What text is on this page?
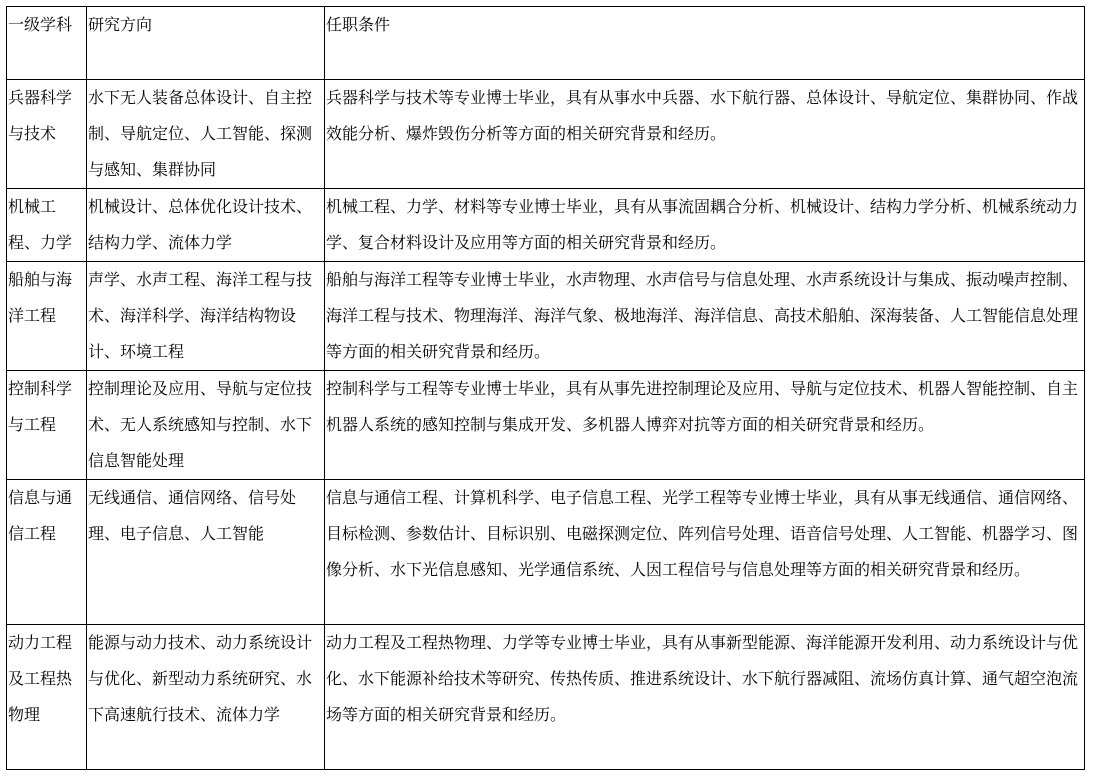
一级学科	研究方向	任职条件
兵器科学与技术	水下无人装备总体设计、自主控制、导航定位、人工智能、探测与感知、集群协同	兵器科学与技术等专业博士毕业，具有从事水中兵器、水下航行器、总体设计、导航定位、集群协同、作战效能分析、爆炸毁伤分析等方面的相关研究背景和经历。
机械工程、力学	机械设计、总体优化设计技术、结构力学、流体力学	机械工程、力学、材料等专业博士毕业，具有从事流固耦合分析、机械设计、结构力学分析、机械系统动力学、复合材料设计及应用等方面的相关研究背景和经历。
船舶与海洋工程	声学、水声工程、海洋工程与技术、海洋科学、海洋结构物设计、环境工程	船舶与海洋工程等专业博士毕业，水声物理、水声信号与信息处理、水声系统设计与集成、振动噪声控制、海洋工程与技术、物理海洋、海洋气象、极地海洋、海洋信息、高技术船舶、深海装备、人工智能信息处理等方面的相关研究背景和经历。
控制科学与工程	控制理论及应用、导航与定位技术、无人系统感知与控制、水下信息智能处理	控制科学与工程等专业博士毕业，具有从事先进控制理论及应用、导航与定位技术、机器人智能控制、自主机器人系统的感知控制与集成开发、多机器人博弈对抗等方面的相关研究背景和经历。
信息与通信工程	无线通信、通信网络、信号处理、电子信息、人工智能	信息与通信工程、计算机科学、电子信息工程、光学工程等专业博士毕业，具有从事无线通信、通信网络、目标检测、参数估计、目标识别、电磁探测定位、阵列信号处理、语音信号处理、人工智能、机器学习、图像分析、水下光信息感知、光学通信系统、人因工程信号与信息处理等方面的相关研究背景和经历。
动力工程及工程热物理	能源与动力技术、动力系统设计与优化、新型动力系统研究、水下高速航行技术、流体力学	动力工程及工程热物理、力学等专业博士毕业，具有从事新型能源、海洋能源开发利用、动力系统设计与优化、水下能源补给技术等研究、传热传质、推进系统设计、水下航行器减阻、流场仿真计算、通气超空泡流场等方面的相关研究背景和经历。
